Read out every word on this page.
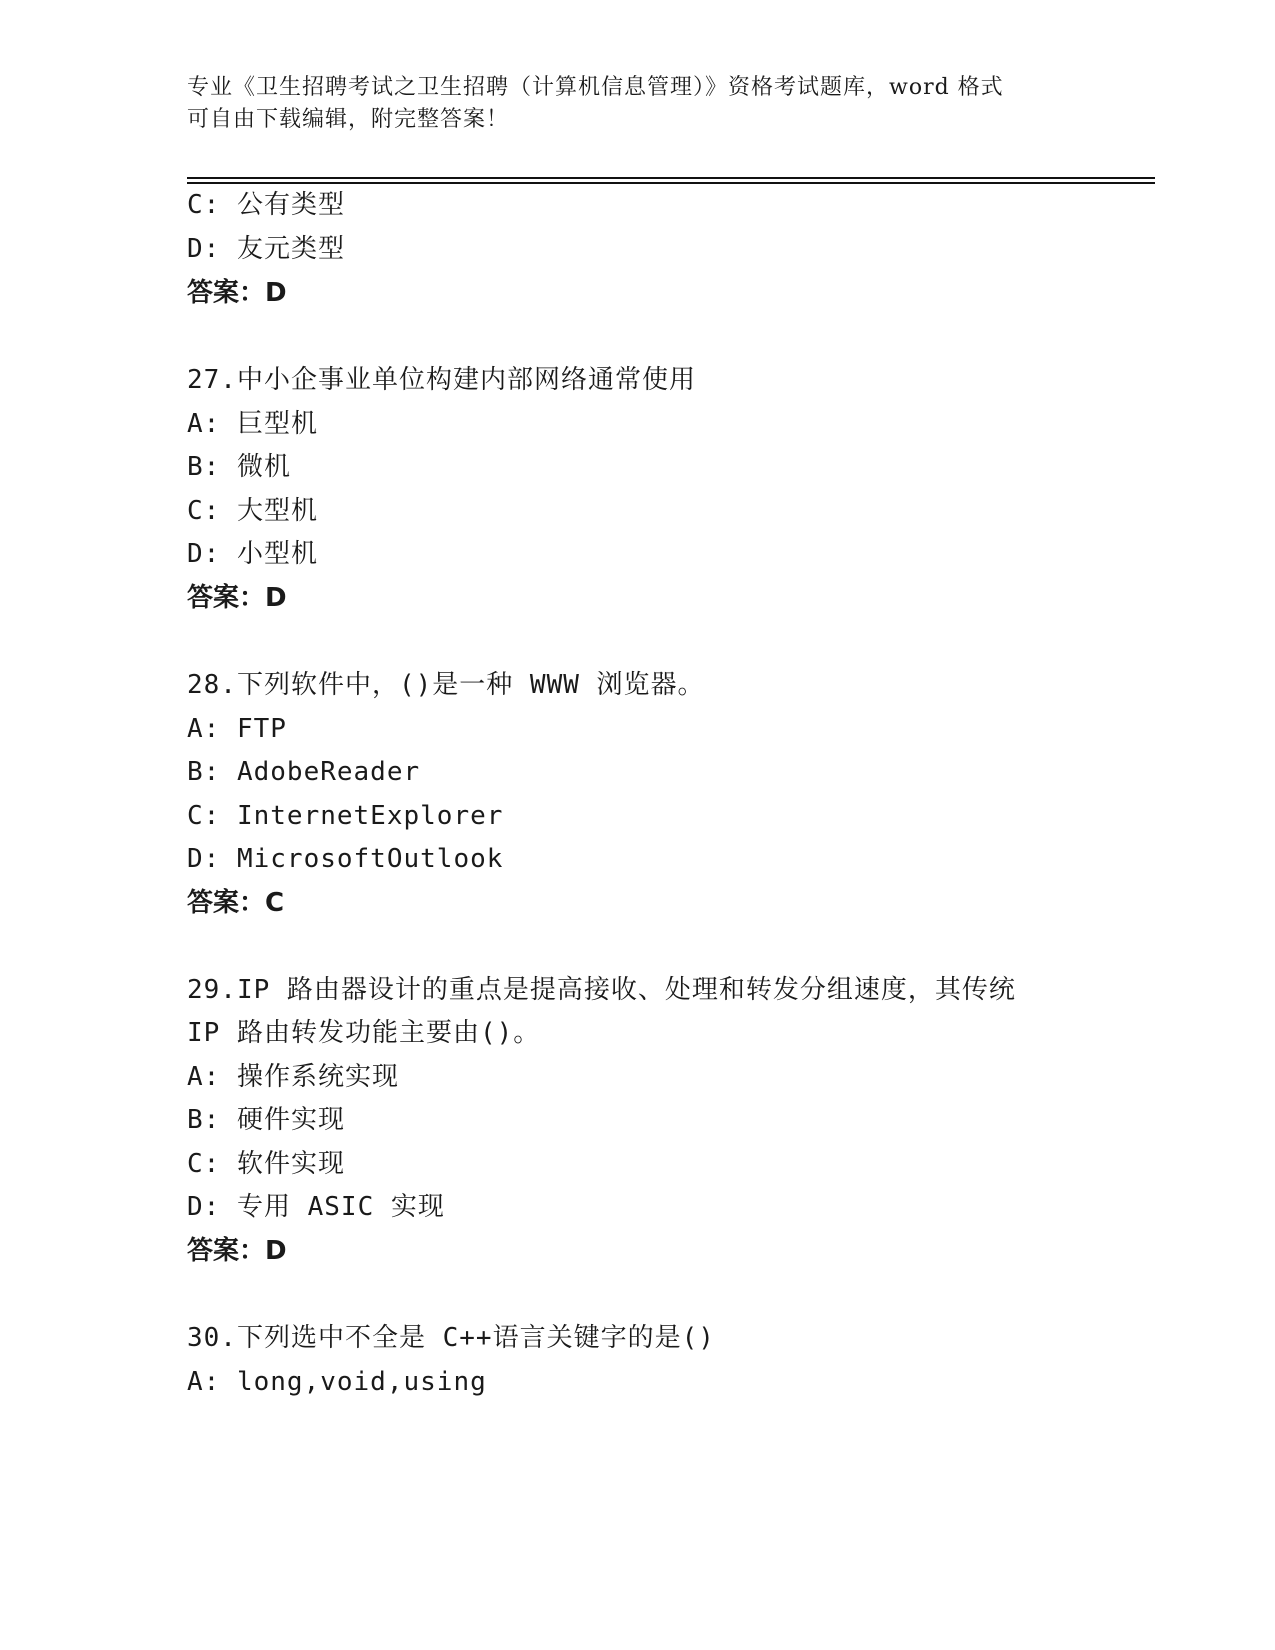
专业《卫生招聘考试之卫生招聘（计算机信息管理）》资格考试题库，word 格式
可自由下载编辑，附完整答案！
C: 公有类型
D: 友元类型
答案：D
27.中小企事业单位构建内部网络通常使用
A: 巨型机
B: 微机
C: 大型机
D: 小型机
答案：D
28.下列软件中，()是一种 WWW 浏览器。
A: FTP
B: AdobeReader
C: InternetExplorer
D: MicrosoftOutlook
答案：C
29.IP 路由器设计的重点是提高接收、处理和转发分组速度，其传统
IP 路由转发功能主要由()。
A: 操作系统实现
B: 硬件实现
C: 软件实现
D: 专用 ASIC 实现
答案：D
30.下列选中不全是 C++语言关键字的是()
A: long,void,using
